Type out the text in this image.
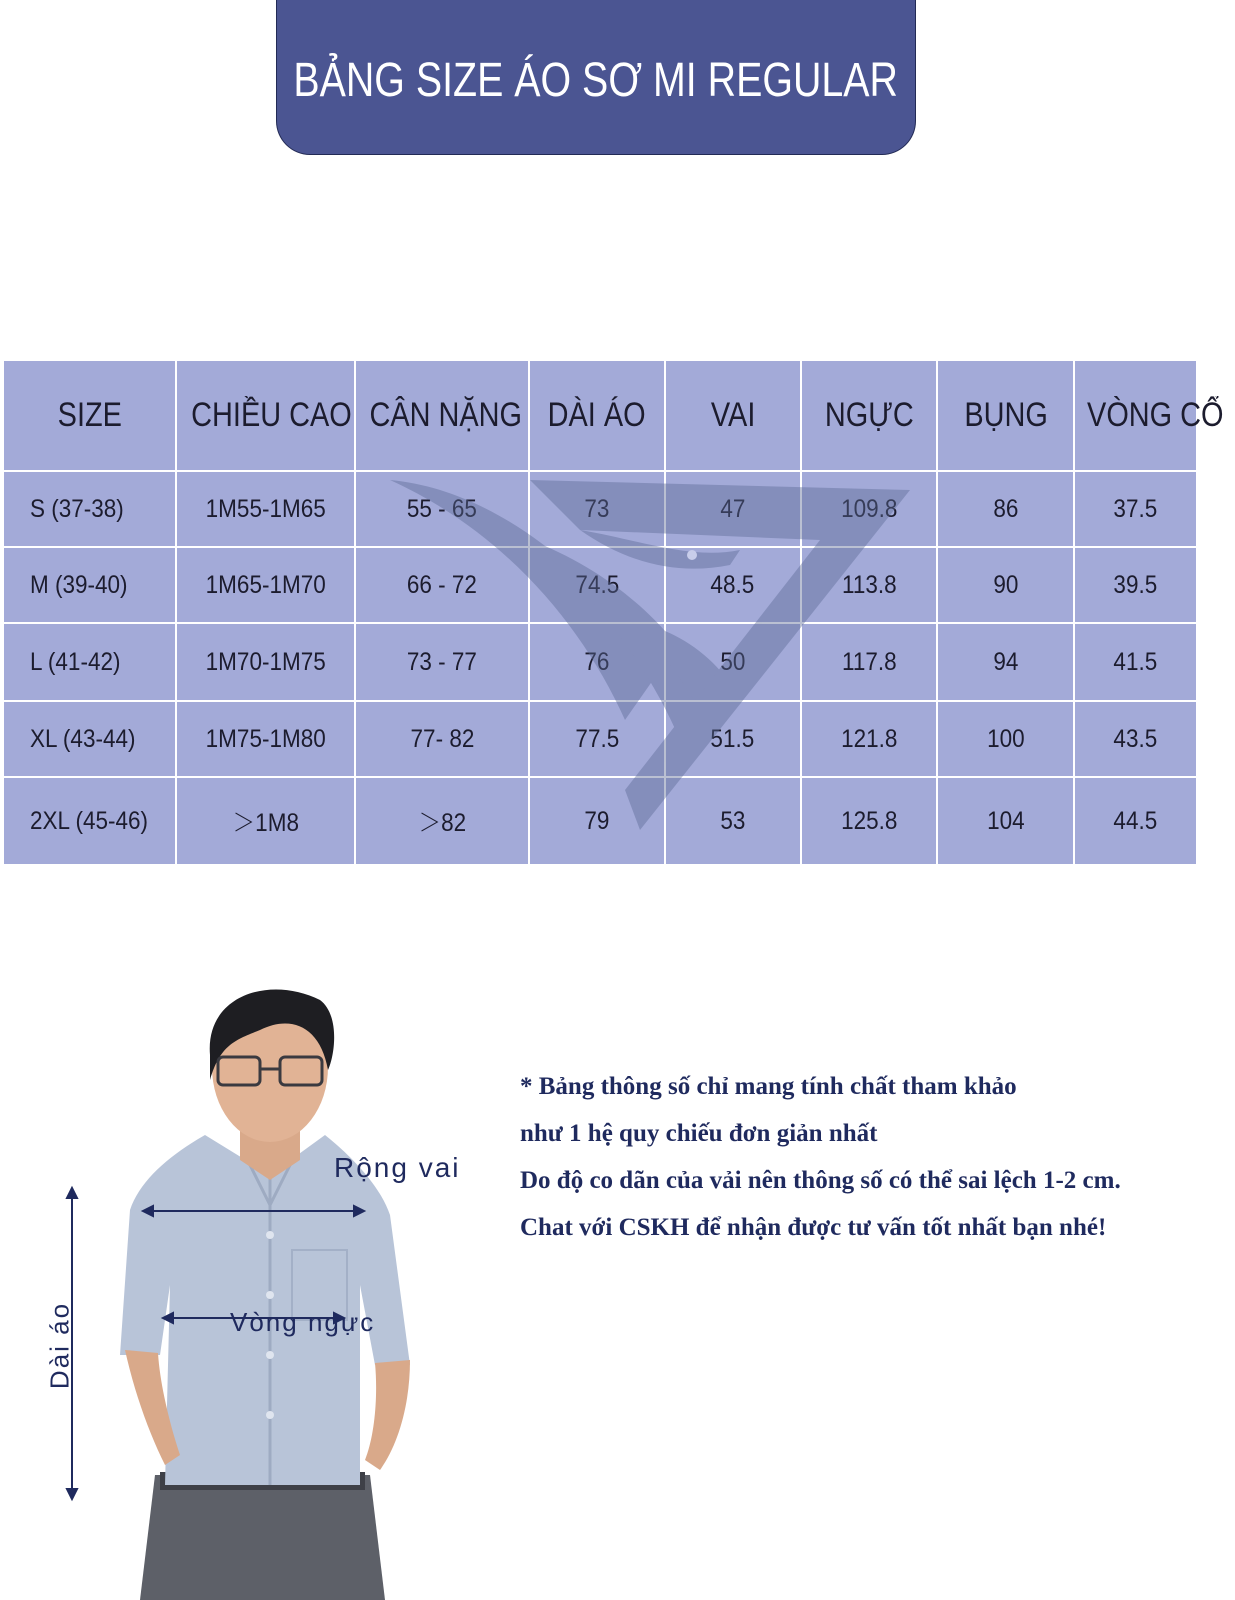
BẢNG SIZE ÁO SƠ MI REGULAR
SIZE	CHIỀU CAO	CÂN NẶNG	DÀI ÁO	VAI	NGỰC	BỤNG	VÒNG CỔ
S (37-38)	1M55-1M65	55 - 65	73	47	109.8	86	37.5
M (39-40)	1M65-1M70	66 - 72	74.5	48.5	113.8	90	39.5
L (41-42)	1M70-1M75	73 - 77	76	50	117.8	94	41.5
XL (43-44)	1M75-1M80	77- 82	77.5	51.5	121.8	100	43.5
2XL (45-46)	＞1M8	＞82	79	53	125.8	104	44.5
Rộng vai
Vòng ngực
Dài áo
* Bảng thông số chỉ mang tính chất tham khảo
như 1 hệ quy chiếu đơn giản nhất
Do độ co dãn của vải nên thông số có thể sai lệch 1-2 cm.
Chat với CSKH để nhận được tư vấn tốt nhất bạn nhé!
